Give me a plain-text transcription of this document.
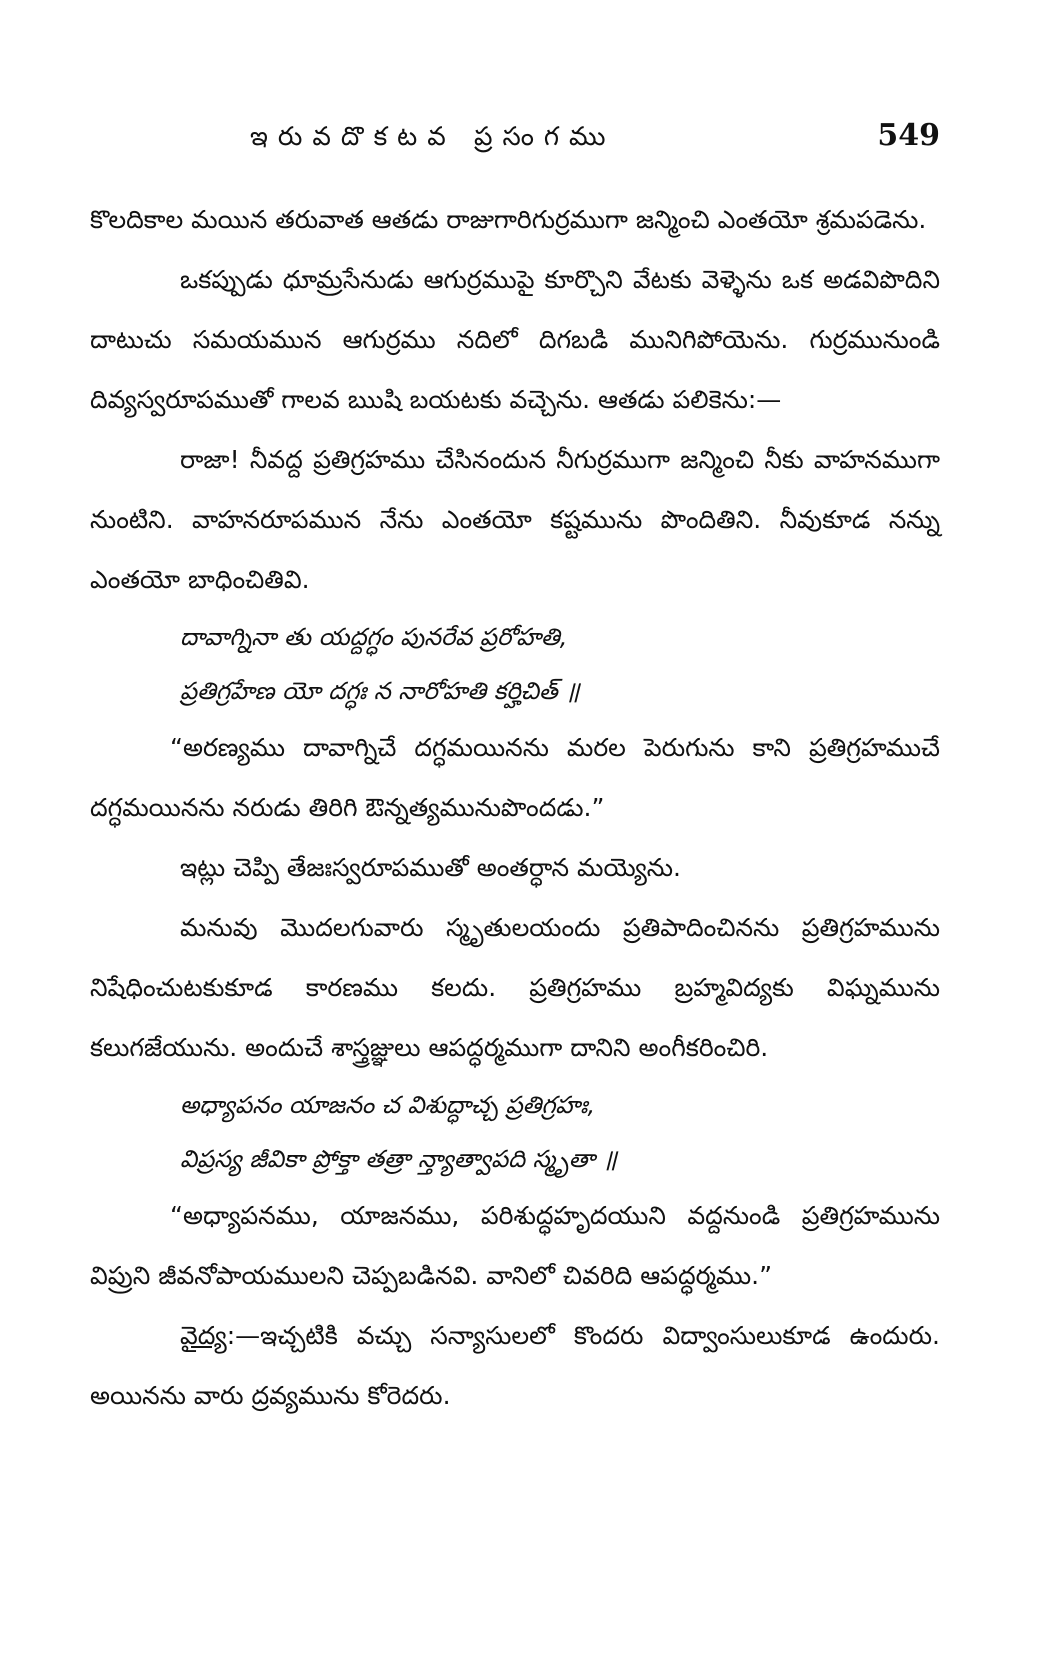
ఇరువదొకటవ ప్రసంగము	549

కొలదికాల మయిన తరువాత ఆతడు రాజుగారిగుర్రముగా జన్మించి ఎంతయో శ్రమపడెను.

ఒకప్పుడు ధూమ్రసేనుడు ఆగుర్రముపై కూర్చొని వేటకు వెళ్ళెను ఒక అడవిపొదిని దాటుచు సమయమున ఆగుర్రము నదిలో దిగబడి మునిగిపోయెను. గుర్రమునుండి దివ్యస్వరూపముతో గాలవ ఋషి బయటకు వచ్చెను. ఆతడు పలికెను:—

రాజా! నీవద్ద ప్రతిగ్రహము చేసినందున నీగుర్రముగా జన్మించి నీకు వాహనముగా నుంటిని. వాహనరూపమున నేను ఎంతయో కష్టమును పొందితిని. నీవుకూడ నన్ను ఎంతయో బాధించితివి.

దావాగ్నినా తు యద్దగ్ధం పునరేవ ప్రరోహతి,
ప్రతిగ్రహేణ యో దగ్ధః న నారోహతి కర్హిచిత్ ॥

“అరణ్యము దావాగ్నిచే దగ్ధమయినను మరల పెరుగును కాని ప్రతిగ్రహముచే దగ్ధమయినను నరుడు తిరిగి ఔన్నత్యమునుపొందడు.”

ఇట్లు చెప్పి తేజఃస్వరూపముతో అంతర్ధాన మయ్యెను.

మనువు మొదలగువారు స్మృతులయందు ప్రతిపాదించినను ప్రతిగ్రహమును నిషేధించుటకుకూడ కారణము కలదు. ప్రతిగ్రహము బ్రహ్మవిద్యకు విఘ్నమును కలుగజేయును. అందుచే శాస్త్రజ్ఞులు ఆపద్ధర్మముగా దానిని అంగీకరించిరి.

అధ్యాపనం యాజనం చ విశుద్ధాచ్చ ప్రతిగ్రహః,
విప్రస్య జీవికా ప్రోక్తా తత్రా న్త్యాత్వాపది స్మృతా ॥

“అధ్యాపనము, యాజనము, పరిశుద్ధహృదయుని వద్దనుండి ప్రతిగ్రహమును విప్రుని జీవనోపాయములని చెప్పబడినవి. వానిలో చివరిది ఆపద్ధర్మము.”

వైద్య:—ఇచ్చటికి వచ్చు సన్యాసులలో కొందరు విద్వాంసులుకూడ ఉందురు. అయినను వారు ద్రవ్యమును కోరెదరు.
